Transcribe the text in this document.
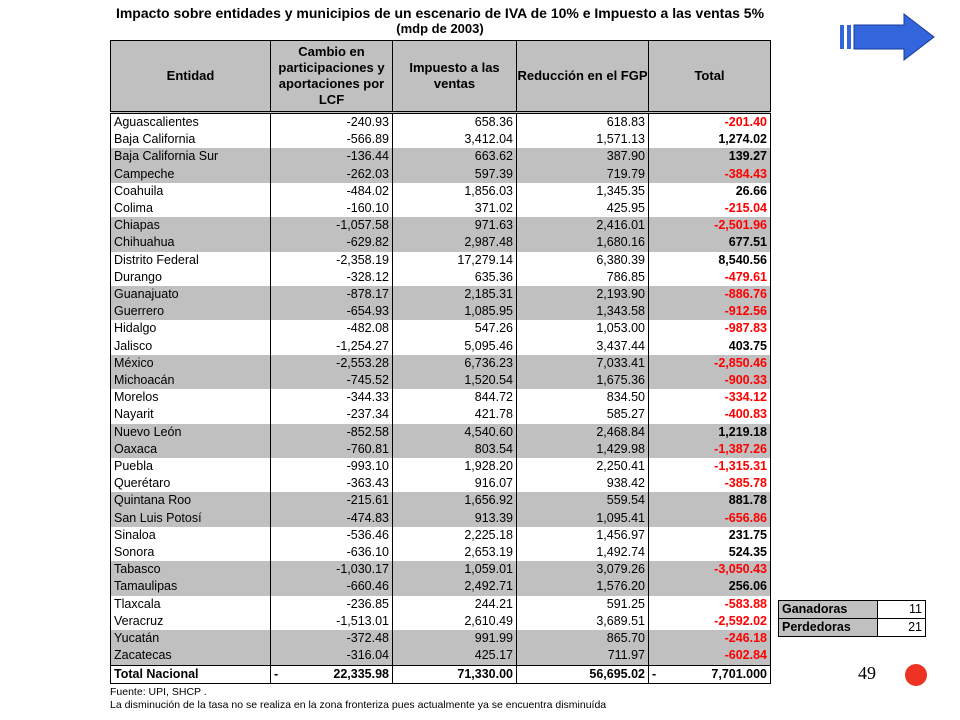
Impacto sobre entidades y municipios de un escenario de IVA de 10% e Impuesto a las ventas 5%
(mdp de 2003)
Entidad	Cambio en participaciones y aportaciones por LCF	Impuesto a las ventas	Reducción en el FGP	Total
Aguascalientes	-240.93	658.36	618.83	-201.40
Baja California	-566.89	3,412.04	1,571.13	1,274.02
Baja California Sur	-136.44	663.62	387.90	139.27
Campeche	-262.03	597.39	719.79	-384.43
Coahuila	-484.02	1,856.03	1,345.35	26.66
Colima	-160.10	371.02	425.95	-215.04
Chiapas	-1,057.58	971.63	2,416.01	-2,501.96
Chihuahua	-629.82	2,987.48	1,680.16	677.51
Distrito Federal	-2,358.19	17,279.14	6,380.39	8,540.56
Durango	-328.12	635.36	786.85	-479.61
Guanajuato	-878.17	2,185.31	2,193.90	-886.76
Guerrero	-654.93	1,085.95	1,343.58	-912.56
Hidalgo	-482.08	547.26	1,053.00	-987.83
Jalisco	-1,254.27	5,095.46	3,437.44	403.75
México	-2,553.28	6,736.23	7,033.41	-2,850.46
Michoacán	-745.52	1,520.54	1,675.36	-900.33
Morelos	-344.33	844.72	834.50	-334.12
Nayarit	-237.34	421.78	585.27	-400.83
Nuevo León	-852.58	4,540.60	2,468.84	1,219.18
Oaxaca	-760.81	803.54	1,429.98	-1,387.26
Puebla	-993.10	1,928.20	2,250.41	-1,315.31
Querétaro	-363.43	916.07	938.42	-385.78
Quintana Roo	-215.61	1,656.92	559.54	881.78
San Luis Potosí	-474.83	913.39	1,095.41	-656.86
Sinaloa	-536.46	2,225.18	1,456.97	231.75
Sonora	-636.10	2,653.19	1,492.74	524.35
Tabasco	-1,030.17	1,059.01	3,079.26	-3,050.43
Tamaulipas	-660.46	2,492.71	1,576.20	256.06
Tlaxcala	-236.85	244.21	591.25	-583.88
Veracruz	-1,513.01	2,610.49	3,689.51	-2,592.02
Yucatán	-372.48	991.99	865.70	-246.18
Zacatecas	-316.04	425.17	711.97	-602.84
Total Nacional	- 22,335.98	71,330.00	56,695.02	- 7,701.000
Fuente: UPI, SHCP .
La disminución de la tasa no se realiza en la zona fronteriza pues actualmente ya se encuentra disminuída
Ganadoras	11
Perdedoras	21
49
